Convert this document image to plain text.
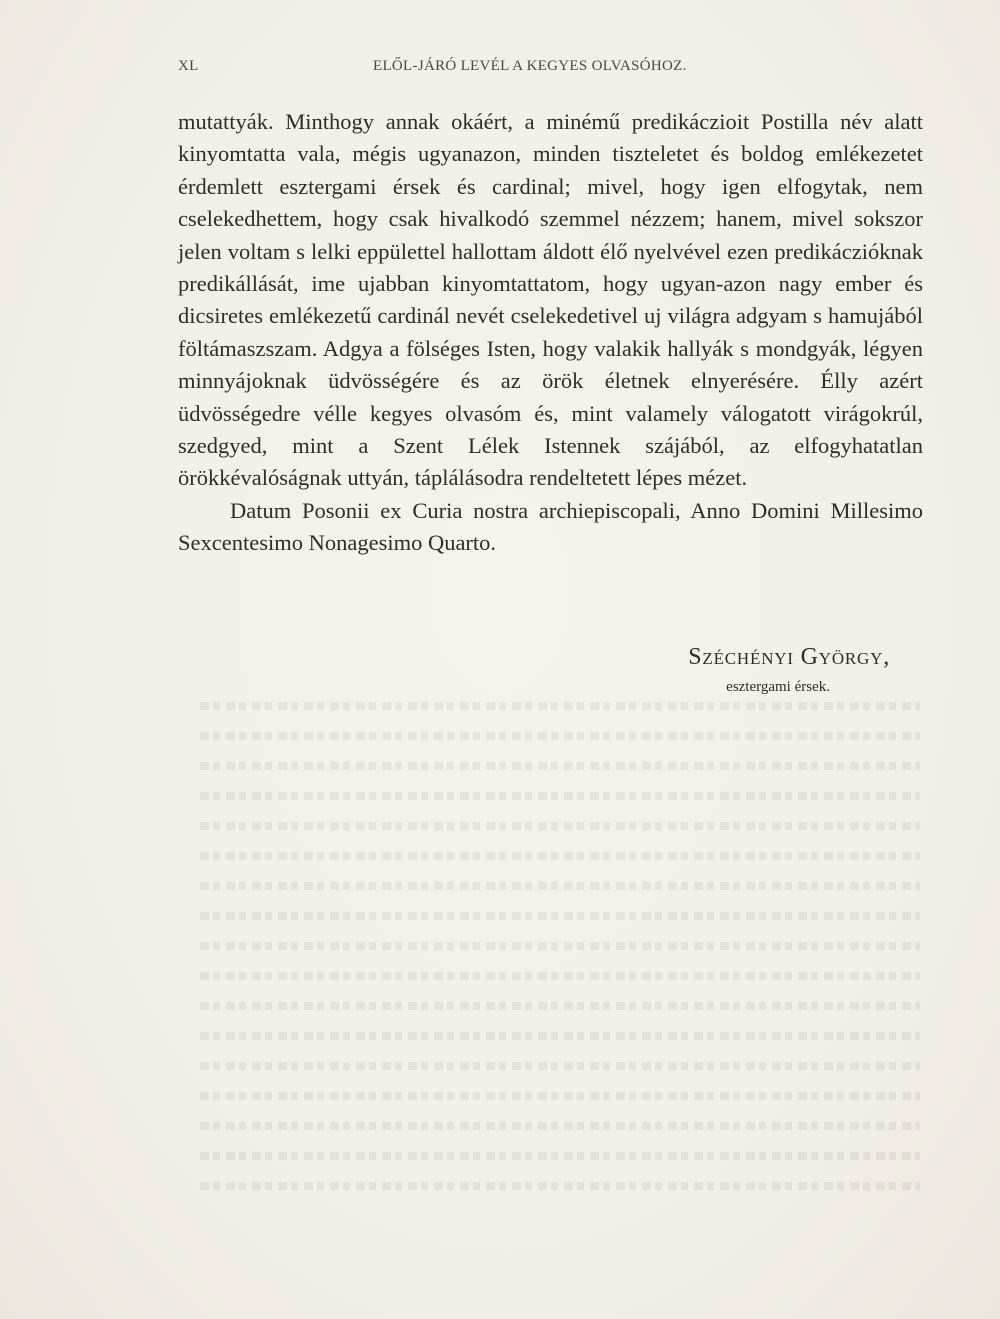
XL	ELŐL-JÁRÓ LEVÉL A KEGYES OLVASÓHOZ.

mutattyák. Minthogy annak okáért, a minémű predikáczioit Postilla név alatt kinyomtatta vala, mégis ugyanazon, minden tiszteletet és boldog emlékezetet érdemlett esztergami érsek és cardinal; mivel, hogy igen elfogytak, nem cselekedhettem, hogy csak hivalkodó szemmel nézzem; hanem, mivel sokszor jelen voltam s lelki eppülettel hallottam áldott élő nyelvével ezen predikáczióknak predikállását, ime ujabban kinyomtattatom, hogy ugyan-azon nagy ember és dicsiretes emlékezetű cardinál nevét cselekedetivel uj világra adgyam s hamujából föltámaszszam. Adgya a fölséges Isten, hogy valakik hallyák s mondgyák, légyen minnyájoknak üdvösségére és az örök életnek elnyerésére. Élly azért üdvösségedre vélle kegyes olvasóm és, mint valamely válogatott virágokrúl, szedgyed, mint a Szent Lélek Istennek szájából, az elfogyhatatlan örökkévalóságnak uttyán, táplálásodra rendeltetett lépes mézet.

Datum Posonii ex Curia nostra archiepiscopali, Anno Domini Millesimo Sexcentesimo Nonagesimo Quarto.

Széchényi György,
esztergami érsek.
